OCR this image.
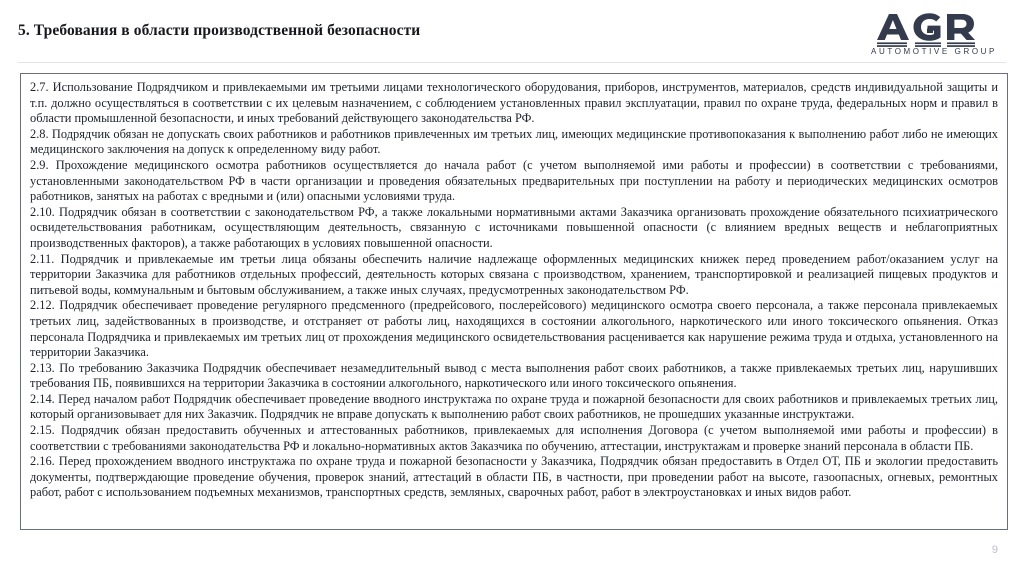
5. Требования в области производственной безопасности
AUTOMOTIVE GROUP

2.7. Использование Подрядчиком и привлекаемыми им третьими лицами технологического оборудования, приборов, инструментов, материалов, средств индивидуальной защиты и т.п. должно осуществляться в соответствии с их целевым назначением, с соблюдением установленных правил эксплуатации, правил по охране труда, федеральных норм и правил в области промышленной безопасности, и иных требований действующего законодательства РФ.

2.8. Подрядчик обязан не допускать своих работников и работников привлеченных им третьих лиц, имеющих медицинские противопоказания к выполнению работ либо не имеющих медицинского заключения на допуск к определенному виду работ.

2.9. Прохождение медицинского осмотра работников осуществляется до начала работ (с учетом выполняемой ими работы и профессии) в соответствии с требованиями, установленными законодательством РФ в части организации и проведения обязательных предварительных при поступлении на работу и периодических медицинских осмотров работников, занятых на работах с вредными и (или) опасными условиями труда.

2.10. Подрядчик обязан в соответствии с законодательством РФ, а также локальными нормативными актами Заказчика организовать прохождение обязательного психиатрического освидетельствования работникам, осуществляющим деятельность, связанную с источниками повышенной опасности (с влиянием вредных веществ и неблагоприятных производственных факторов), а также работающих в условиях повышенной опасности.

2.11. Подрядчик и привлекаемые им третьи лица обязаны обеспечить наличие надлежаще оформленных медицинских книжек перед проведением работ/оказанием услуг на территории Заказчика для работников отдельных профессий, деятельность которых связана с производством, хранением, транспортировкой и реализацией пищевых продуктов и питьевой воды, коммунальным и бытовым обслуживанием, а также иных случаях, предусмотренных законодательством РФ.

2.12. Подрядчик обеспечивает проведение регулярного предсменного (предрейсового, послерейсового) медицинского осмотра своего персонала, а также персонала привлекаемых третьих лиц, задействованных в производстве, и отстраняет от работы лиц, находящихся в состоянии алкогольного, наркотического или иного токсического опьянения. Отказ персонала Подрядчика и привлекаемых им третьих лиц от прохождения медицинского освидетельствования расценивается как нарушение режима труда и отдыха, установленного на территории Заказчика.

2.13. По требованию Заказчика Подрядчик обеспечивает незамедлительный вывод с места выполнения работ своих работников, а также привлекаемых третьих лиц, нарушивших требования ПБ, появившихся на территории Заказчика в состоянии алкогольного, наркотического или иного токсического опьянения.

2.14. Перед началом работ Подрядчик обеспечивает проведение вводного инструктажа по охране труда и пожарной безопасности для своих работников и привлекаемых третьих лиц, который организовывает для них Заказчик. Подрядчик не вправе допускать к выполнению работ своих работников, не прошедших указанные инструктажи.

2.15. Подрядчик обязан предоставить обученных и аттестованных работников, привлекаемых для исполнения Договора (с учетом выполняемой ими работы и профессии) в соответствии с требованиями законодательства РФ и локально-нормативных актов Заказчика по обучению, аттестации, инструктажам и проверке знаний персонала в области ПБ.

2.16. Перед прохождением вводного инструктажа по охране труда и пожарной безопасности у Заказчика, Подрядчик обязан предоставить в Отдел ОТ, ПБ и экологии предоставить документы, подтверждающие проведение обучения, проверок знаний, аттестаций в области ПБ, в частности, при проведении работ на высоте, газоопасных, огневых, ремонтных работ, работ с использованием подъемных механизмов, транспортных средств, земляных, сварочных работ, работ в электроустановках и иных видов работ.

9
